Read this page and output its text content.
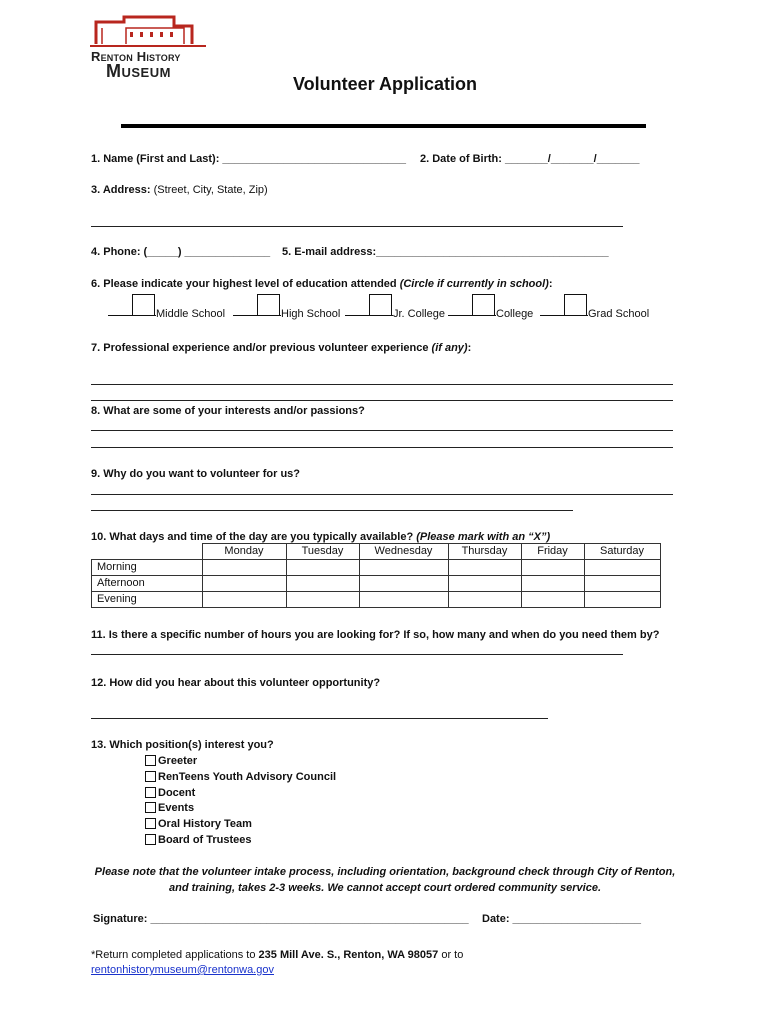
Renton History
Museum
Volunteer Application
1. Name (First and Last): ______________________________ 2. Date of Birth: _______/_______/_______
3. Address: (Street, City, State, Zip)
4. Phone: (_____) ______________ 5. E-mail address:______________________________________
6. Please indicate your highest level of education attended (Circle if currently in school):
Middle School	High School	Jr. College	College	Grad School
7. Professional experience and/or previous volunteer experience (if any):
8. What are some of your interests and/or passions?
9. Why do you want to volunteer for us?
10. What days and time of the day are you typically available? (Please mark with an “X”)
	Monday	Tuesday	Wednesday	Thursday	Friday	Saturday
Morning						
Afternoon						
Evening						
11. Is there a specific number of hours you are looking for? If so, how many and when do you need them by?
12. How did you hear about this volunteer opportunity?
13. Which position(s) interest you?
Greeter
RenTeens Youth Advisory Council
Docent
Events
Oral History Team
Board of Trustees
Please note that the volunteer intake process, including orientation, background check through City of Renton,
and training, takes 2-3 weeks. We cannot accept court ordered community service.
Signature: ____________________________________________________ Date: _____________________
*Return completed applications to 235 Mill Ave. S., Renton, WA 98057 or to
rentonhistorymuseum@rentonwa.gov
